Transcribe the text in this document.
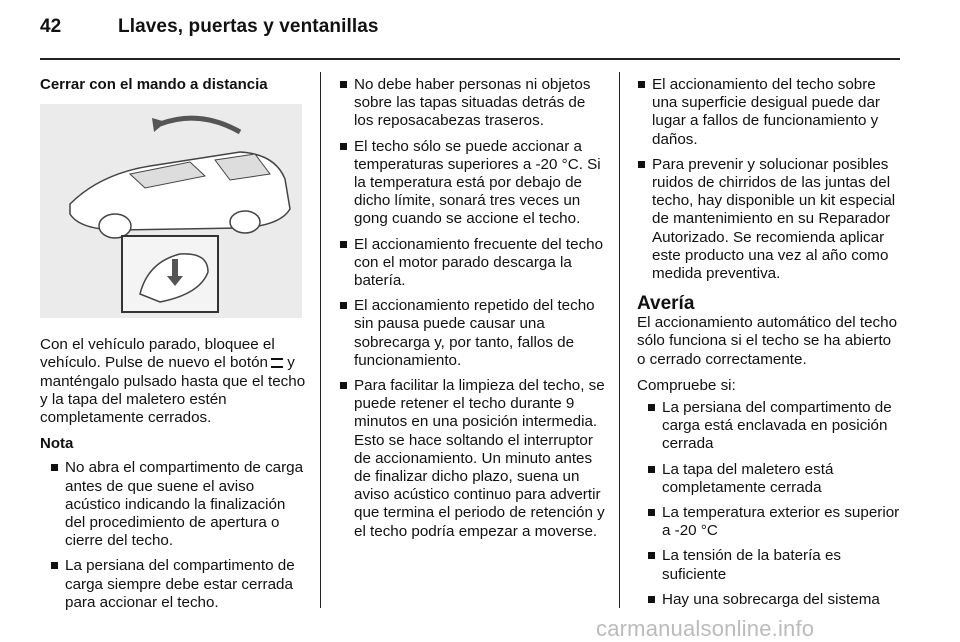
42	Llaves, puertas y ventanillas
Cerrar con el mando a distancia

Con el vehículo parado, bloquee el vehículo. Pulse de nuevo el botón y manténgalo pulsado hasta que el techo y la tapa del maletero estén completamente cerrados.

Nota
No abra el compartimento de carga antes de que suene el aviso acústico indicando la finalización del procedimiento de apertura o cierre del techo.
La persiana del compartimento de carga siempre debe estar cerrada para accionar el techo.
No debe haber personas ni objetos sobre las tapas situadas detrás de los reposacabezas traseros.
El techo sólo se puede accionar a temperaturas superiores a -20 °C. Si la temperatura está por debajo de dicho límite, sonará tres veces un gong cuando se accione el techo.
El accionamiento frecuente del techo con el motor parado descarga la batería.
El accionamiento repetido del techo sin pausa puede causar una sobrecarga y, por tanto, fallos de funcionamiento.
Para facilitar la limpieza del techo, se puede retener el techo durante 9 minutos en una posición intermedia. Esto se hace soltando el interruptor de accionamiento. Un minuto antes de finalizar dicho plazo, suena un aviso acústico continuo para advertir que termina el periodo de retención y el techo podría empezar a moverse.
El accionamiento del techo sobre una superficie desigual puede dar lugar a fallos de funcionamiento y daños.
Para prevenir y solucionar posibles ruidos de chirridos de las juntas del techo, hay disponible un kit especial de mantenimiento en su Reparador Autorizado. Se recomienda aplicar este producto una vez al año como medida preventiva.
Avería

El accionamiento automático del techo sólo funciona si el techo se ha abierto o cerrado correctamente.

Compruebe si:

La persiana del compartimento de carga está enclavada en posición cerrada
La tapa del maletero está completamente cerrada
La temperatura exterior es superior a -20 °C
La tensión de la batería es suficiente
Hay una sobrecarga del sistema
carmanualsonline.info
